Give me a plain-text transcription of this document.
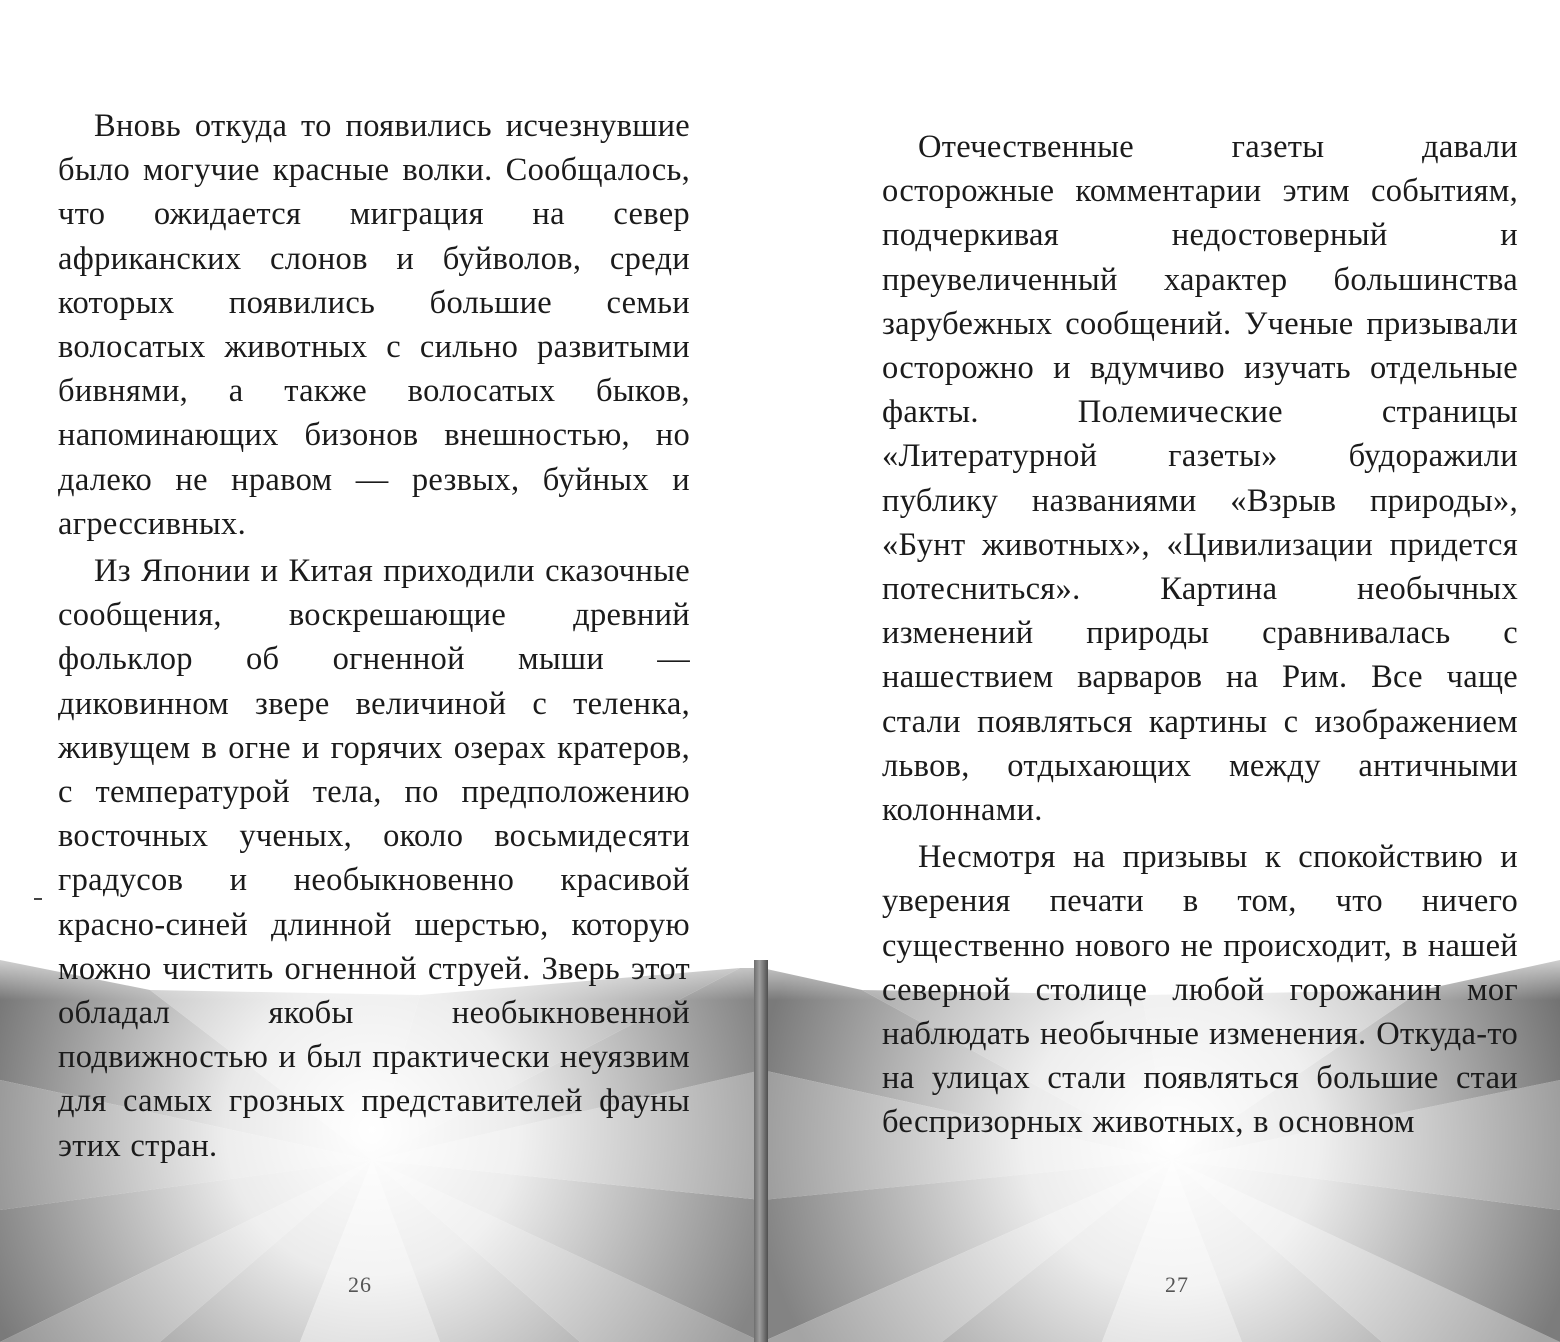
Вновь откуда то появились исчезнувшие было могучие красные волки. Сообщалось, что ожидается миграция на север африканских слонов и буйволов, среди которых появились большие семьи волосатых животных с сильно развитыми бивнями, а также волосатых быков, напоминающих бизонов внешностью, но далеко не нравом — резвых, буйных и агрессивных.

Из Японии и Китая приходили сказочные сообщения, воскрешающие древний фольклор об огненной мыши — диковинном звере величиной с теленка, живущем в огне и горячих озерах кратеров, с температурой тела, по предположению восточных ученых, около восьмидесяти градусов и необыкновенно красивой красно-синей длинной шерстью, которую можно чистить огненной струей. Зверь этот обладал якобы необыкновенной подвижностью и был практически неуязвим для самых грозных представителей фауны этих стран.

26

Отечественные газеты давали осторожные комментарии этим событиям, подчеркивая недостоверный и преувеличенный характер большинства зарубежных сообщений. Ученые призывали осторожно и вдумчиво изучать отдельные факты. Полемические страницы «Литературной газеты» будоражили публику названиями «Взрыв природы», «Бунт животных», «Цивилизации придется потесниться». Картина необычных изменений природы сравнивалась с нашествием варваров на Рим. Все чаще стали появляться картины с изображением львов, отдыхающих между античными колоннами.

Несмотря на призывы к спокойствию и уверения печати в том, что ничего существенно нового не происходит, в нашей северной столице любой горожанин мог наблюдать необычные изменения. Откуда-то на улицах стали появляться большие стаи беспризорных животных, в основном

27
